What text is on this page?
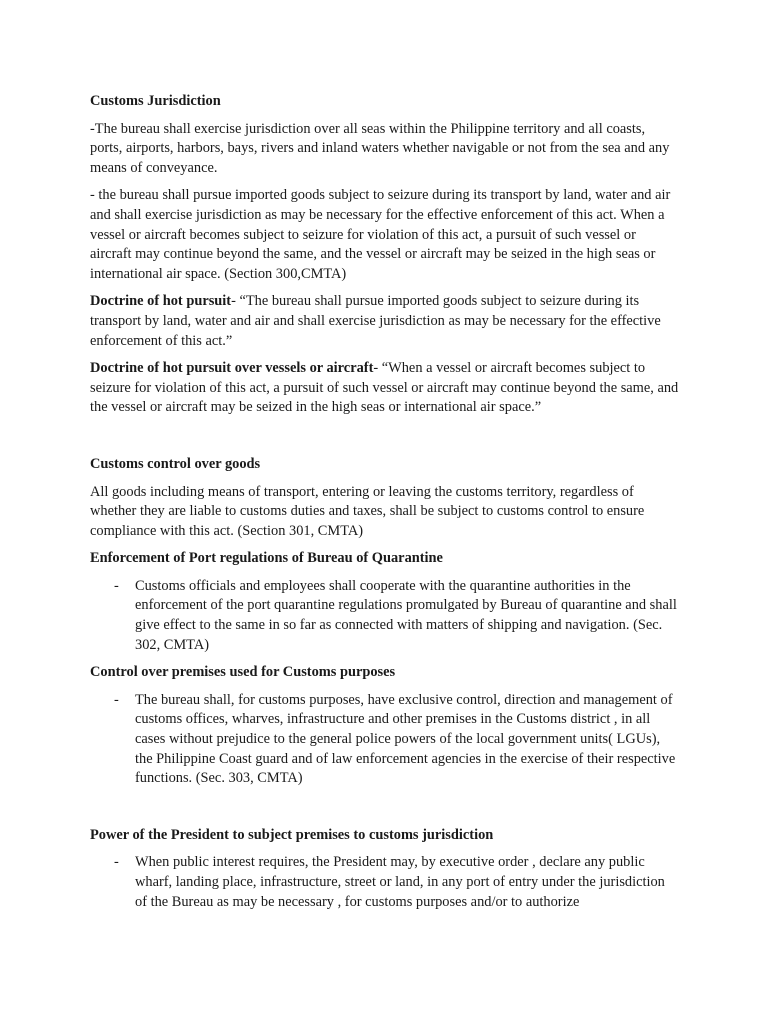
Customs Jurisdiction

-The bureau shall exercise jurisdiction over all seas within the Philippine territory and all coasts, ports, airports, harbors, bays, rivers and inland waters whether navigable or not from the sea and any means of conveyance.

- the bureau shall pursue imported goods subject to seizure during its transport by land, water and air and shall exercise jurisdiction as may be necessary for the effective enforcement of this act. When a vessel or aircraft becomes subject to seizure for violation of this act, a pursuit of such vessel or aircraft may continue beyond the same, and the vessel or aircraft may be seized in the high seas or international air space. (Section 300,CMTA)

Doctrine of hot pursuit- “The bureau shall pursue imported goods subject to seizure during its transport by land, water and air and shall exercise jurisdiction as may be necessary for the effective enforcement of this act.”

Doctrine of hot pursuit over vessels or aircraft- “When a vessel or aircraft becomes subject to seizure for violation of this act, a pursuit of such vessel or aircraft may continue beyond the same, and the vessel or aircraft may be seized in the high seas or international air space.”

Customs control over goods

All goods including means of transport, entering or leaving the customs territory, regardless of whether they are liable to customs duties and taxes, shall be subject to customs control to ensure compliance with this act. (Section 301, CMTA)

Enforcement of Port regulations of Bureau of Quarantine

-	Customs officials and employees shall cooperate with the quarantine authorities in the enforcement of the port quarantine regulations promulgated by Bureau of quarantine and shall give effect to the same in so far as connected with matters of shipping and navigation. (Sec. 302, CMTA)

Control over premises used for Customs purposes

-	The bureau shall, for customs purposes, have exclusive control, direction and management of customs offices, wharves, infrastructure and other premises in the Customs district , in all cases without prejudice to the general police powers of the local government units( LGUs), the Philippine Coast guard and of law enforcement agencies in the exercise of their respective functions. (Sec. 303, CMTA)

Power of the President to subject premises to customs jurisdiction

-	When public interest requires, the President may, by executive order , declare any public wharf, landing place, infrastructure, street or land, in any port of entry under the jurisdiction of the Bureau as may be necessary , for customs purposes and/or to authorize
